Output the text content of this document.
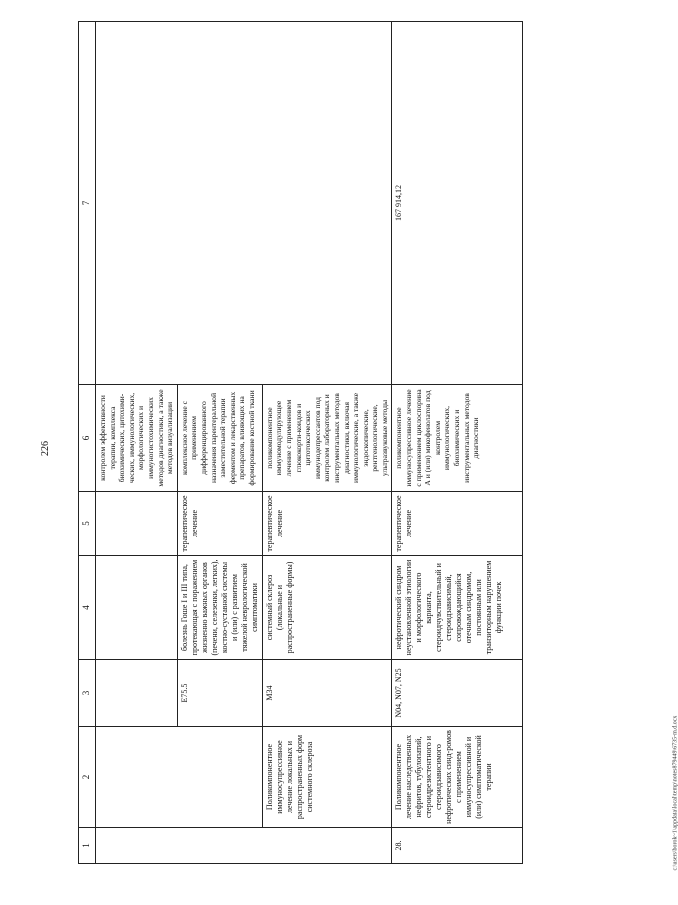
226
c:\users\borok~1\appdata\local\temp\notes879449\6735-m.d.ocx
1	2	3	4	5	6	7
					контролем эффективности терапии, комплекса биохимических, цитохими-ческих, иммунологических, морфологических и иммуногистохимических методов диагностики, а также методов визуализации	
		E75.5	болезнь Гоше I и III типа, протекающая с поражением жизненно важных органов (печени, селезенки, легких), костно-суставной системы и (или) с развитием тяжелой неврологической симптоматики	терапевтическое лечение	комплексное лечение с применением дифференцированного назначения парентеральной заместительной терапии ферментом и лекарственных препаратов, влияющих на формирование костной ткани	
	Поликомпонентное иммуносупрессивное лечение локальных и распространенных форм системного склероза	M34	системный склероз (локальные и распространенные формы)	терапевтическое лечение	поликомпонентное иммуномодулирующее лечение с применением глюкокорти-коидов и цитотоксических иммунодепрессантов под контролем лабораторных и инструментальных методов диагностики, включая иммунологические, а также эндоскопические, рентгенологические, ультразвуковые методы	
28.	Поликомпонентное лечение наследственных нефритов, тубулопатий, стероидрезистентного и стероидзависимого нефротических синд-ромов с применением иммуносупрессивной и (или) симптоматической терапии	N04, N07, N25	нефротический синдром неустановленной этиологии и морфологического варианта, стероидчувствительный и стероидзависимый, сопровождающийся отечным синдромом, постоянным или транзиторным нарушением функции почек	терапевтическое лечение	поликомпонентное иммуносупрессивное лечение с применением циклоспорина А и (или) микофенолатов под контролем иммунологических, биохимических и инструментальных методов диагностики	167 914,12
